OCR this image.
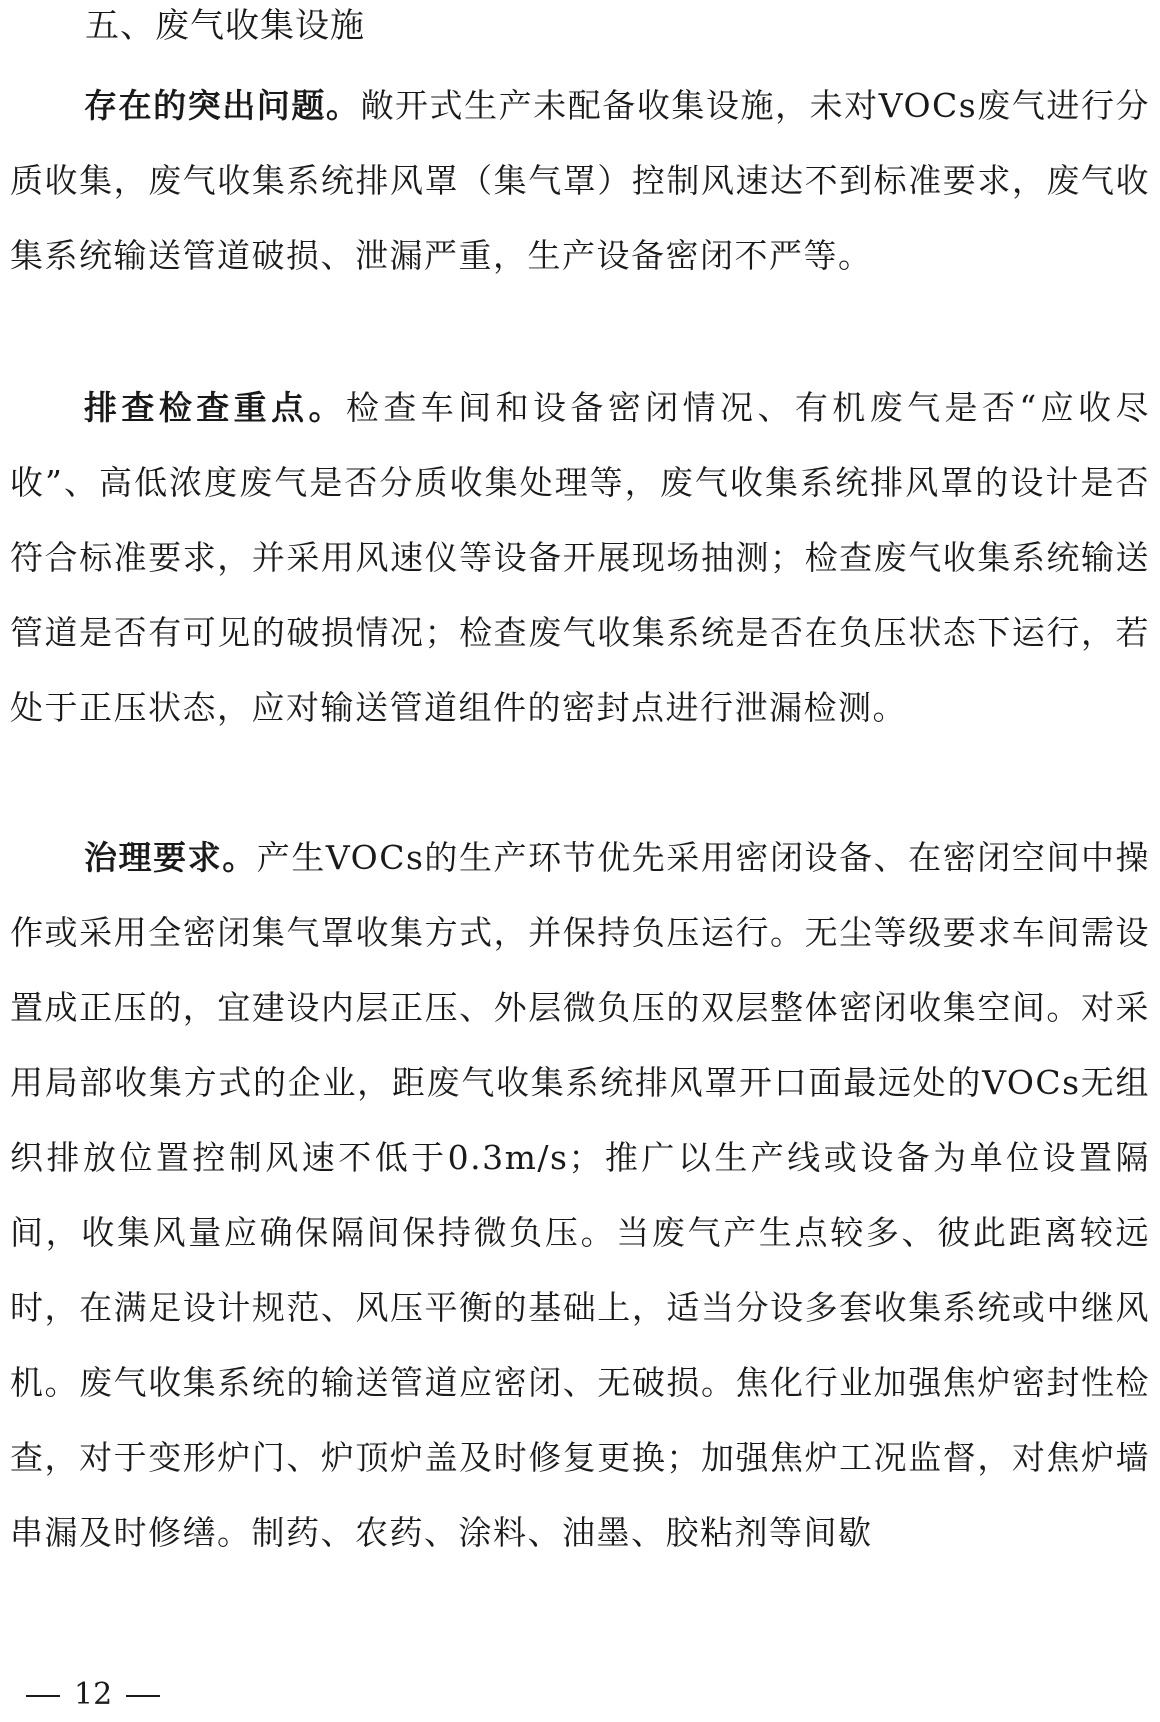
五、废气收集设施

存在的突出问题。敞开式生产未配备收集设施，未对VOCs废气进行分质收集，废气收集系统排风罩（集气罩）控制风速达不到标准要求，废气收集系统输送管道破损、泄漏严重，生产设备密闭不严等。

排查检查重点。检查车间和设备密闭情况、有机废气是否“应收尽收”、高低浓度废气是否分质收集处理等，废气收集系统排风罩的设计是否符合标准要求，并采用风速仪等设备开展现场抽测；检查废气收集系统输送管道是否有可见的破损情况；检查废气收集系统是否在负压状态下运行，若处于正压状态，应对输送管道组件的密封点进行泄漏检测。

治理要求。产生VOCs的生产环节优先采用密闭设备、在密闭空间中操作或采用全密闭集气罩收集方式，并保持负压运行。无尘等级要求车间需设置成正压的，宜建设内层正压、外层微负压的双层整体密闭收集空间。对采用局部收集方式的企业，距废气收集系统排风罩开口面最远处的VOCs无组织排放位置控制风速不低于0.3m/s；推广以生产线或设备为单位设置隔间，收集风量应确保隔间保持微负压。当废气产生点较多、彼此距离较远时，在满足设计规范、风压平衡的基础上，适当分设多套收集系统或中继风机。废气收集系统的输送管道应密闭、无破损。焦化行业加强焦炉密封性检查，对于变形炉门、炉顶炉盖及时修复更换；加强焦炉工况监督，对焦炉墙串漏及时修缮。制药、农药、涂料、油墨、胶粘剂等间歇

12
